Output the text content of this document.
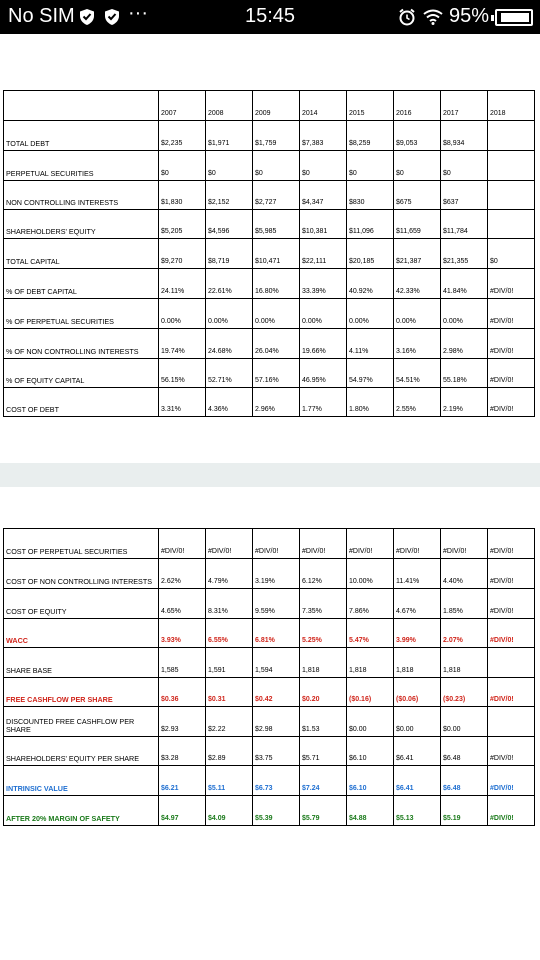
No SIM	···	15:45	95%
	2007	2008	2009	2014	2015	2016	2017	2018
TOTAL DEBT	$2,235	$1,971	$1,759	$7,383	$8,259	$9,053	$8,934	
PERPETUAL SECURITIES	$0	$0	$0	$0	$0	$0	$0	
NON CONTROLLING INTERESTS	$1,830	$2,152	$2,727	$4,347	$830	$675	$637	
SHAREHOLDERS' EQUITY	$5,205	$4,596	$5,985	$10,381	$11,096	$11,659	$11,784	
TOTAL CAPITAL	$9,270	$8,719	$10,471	$22,111	$20,185	$21,387	$21,355	$0
% OF DEBT CAPITAL	24.11%	22.61%	16.80%	33.39%	40.92%	42.33%	41.84%	#DIV/0!
% OF PERPETUAL SECURITIES	0.00%	0.00%	0.00%	0.00%	0.00%	0.00%	0.00%	#DIV/0!
% OF NON CONTROLLING INTERESTS	19.74%	24.68%	26.04%	19.66%	4.11%	3.16%	2.98%	#DIV/0!
% OF EQUITY CAPITAL	56.15%	52.71%	57.16%	46.95%	54.97%	54.51%	55.18%	#DIV/0!
COST OF DEBT	3.31%	4.36%	2.96%	1.77%	1.80%	2.55%	2.19%	#DIV/0!
COST OF PERPETUAL SECURITIES	#DIV/0!	#DIV/0!	#DIV/0!	#DIV/0!	#DIV/0!	#DIV/0!	#DIV/0!	#DIV/0!
COST OF NON CONTROLLING INTERESTS	2.62%	4.79%	3.19%	6.12%	10.00%	11.41%	4.40%	#DIV/0!
COST OF EQUITY	4.65%	8.31%	9.59%	7.35%	7.86%	4.67%	1.85%	#DIV/0!
WACC	3.93%	6.55%	6.81%	5.25%	5.47%	3.99%	2.07%	#DIV/0!
SHARE BASE	1,585	1,591	1,594	1,818	1,818	1,818	1,818	
FREE CASHFLOW PER SHARE	$0.36	$0.31	$0.42	$0.20	($0.16)	($0.06)	($0.23)	#DIV/0!
DISCOUNTED FREE CASHFLOW PER SHARE	$2.93	$2.22	$2.98	$1.53	$0.00	$0.00	$0.00	
SHAREHOLDERS' EQUITY PER SHARE	$3.28	$2.89	$3.75	$5.71	$6.10	$6.41	$6.48	#DIV/0!
INTRINSIC VALUE	$6.21	$5.11	$6.73	$7.24	$6.10	$6.41	$6.48	#DIV/0!
AFTER 20% MARGIN OF SAFETY	$4.97	$4.09	$5.39	$5.79	$4.88	$5.13	$5.19	#DIV/0!
